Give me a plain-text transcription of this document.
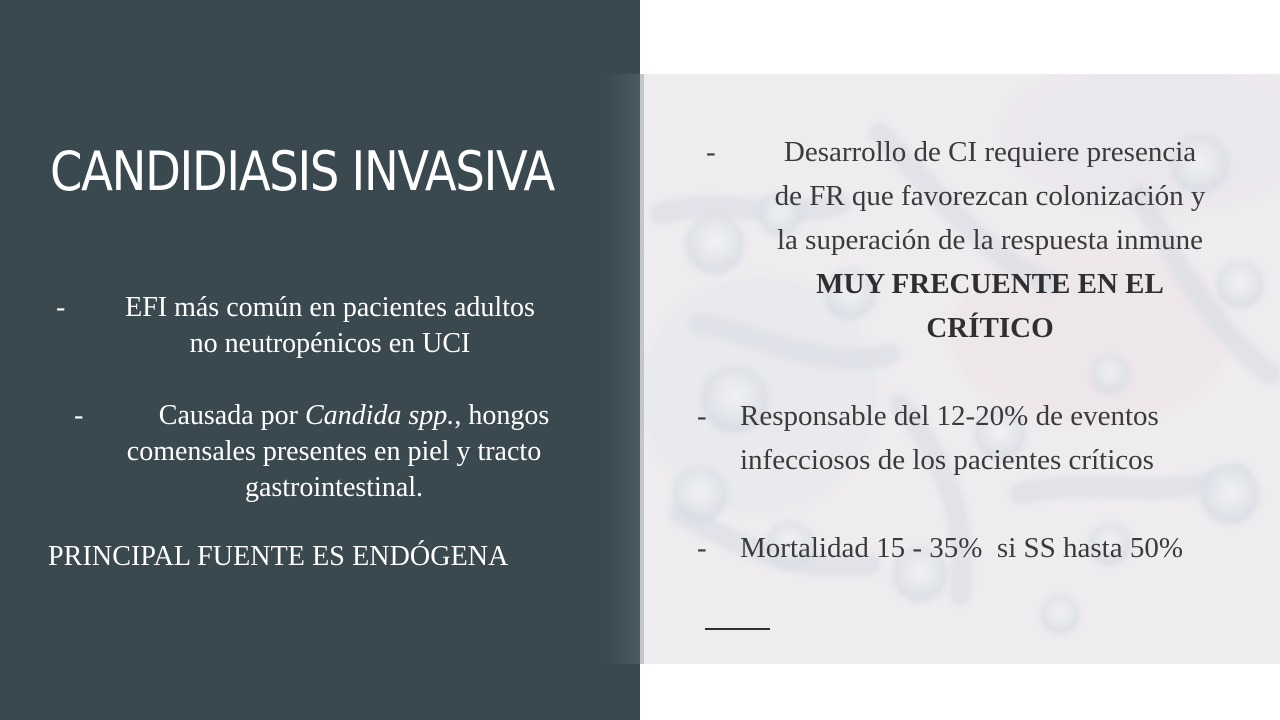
CANDIDIASIS INVASIVA
-	EFI más común en pacientes adultos
no neutropénicos en UCI
-	Causada por Candida spp., hongos
comensales presentes en piel y tracto
gastrointestinal.
PRINCIPAL FUENTE ES ENDÓGENA
-	Desarrollo de CI requiere presencia
de FR que favorezcan colonización y
la superación de la respuesta inmune
MUY FRECUENTE EN EL
CRÍTICO
-	Responsable del 12-20% de eventos
infecciosos de los pacientes críticos
-	Mortalidad 15 - 35%  si SS hasta 50%
